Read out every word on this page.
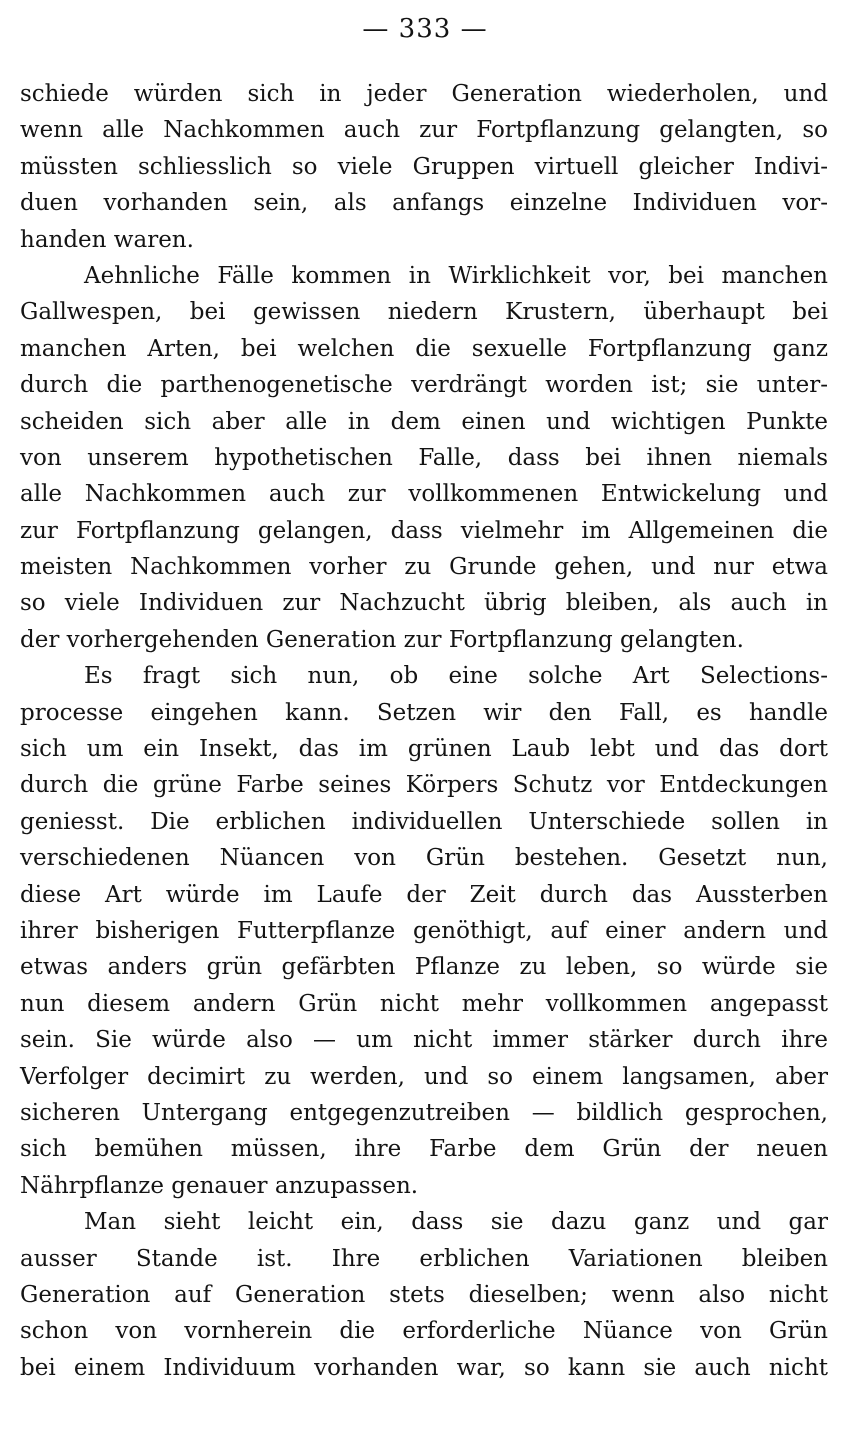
— 333 —
schiede würden sich in jeder Generation wiederholen, und
wenn alle Nachkommen auch zur Fortpflanzung gelangten, so
müssten schliesslich so viele Gruppen virtuell gleicher Indivi-
duen vorhanden sein, als anfangs einzelne Individuen vor-
handen waren.
Aehnliche Fälle kommen in Wirklichkeit vor, bei manchen
Gallwespen, bei gewissen niedern Krustern, überhaupt bei
manchen Arten, bei welchen die sexuelle Fortpflanzung ganz
durch die parthenogenetische verdrängt worden ist; sie unter-
scheiden sich aber alle in dem einen und wichtigen Punkte
von unserem hypothetischen Falle, dass bei ihnen niemals
alle Nachkommen auch zur vollkommenen Entwickelung und
zur Fortpflanzung gelangen, dass vielmehr im Allgemeinen die
meisten Nachkommen vorher zu Grunde gehen, und nur etwa
so viele Individuen zur Nachzucht übrig bleiben, als auch in
der vorhergehenden Generation zur Fortpflanzung gelangten.
Es fragt sich nun, ob eine solche Art Selections-
processe eingehen kann. Setzen wir den Fall, es handle
sich um ein Insekt, das im grünen Laub lebt und das dort
durch die grüne Farbe seines Körpers Schutz vor Entdeckungen
geniesst. Die erblichen individuellen Unterschiede sollen in
verschiedenen Nüancen von Grün bestehen. Gesetzt nun,
diese Art würde im Laufe der Zeit durch das Aussterben
ihrer bisherigen Futterpflanze genöthigt, auf einer andern und
etwas anders grün gefärbten Pflanze zu leben, so würde sie
nun diesem andern Grün nicht mehr vollkommen angepasst
sein. Sie würde also — um nicht immer stärker durch ihre
Verfolger decimirt zu werden, und so einem langsamen, aber
sicheren Untergang entgegenzutreiben — bildlich gesprochen,
sich bemühen müssen, ihre Farbe dem Grün der neuen
Nährpflanze genauer anzupassen.
Man sieht leicht ein, dass sie dazu ganz und gar
ausser Stande ist. Ihre erblichen Variationen bleiben
Generation auf Generation stets dieselben; wenn also nicht
schon von vornherein die erforderliche Nüance von Grün
bei einem Individuum vorhanden war, so kann sie auch nicht
